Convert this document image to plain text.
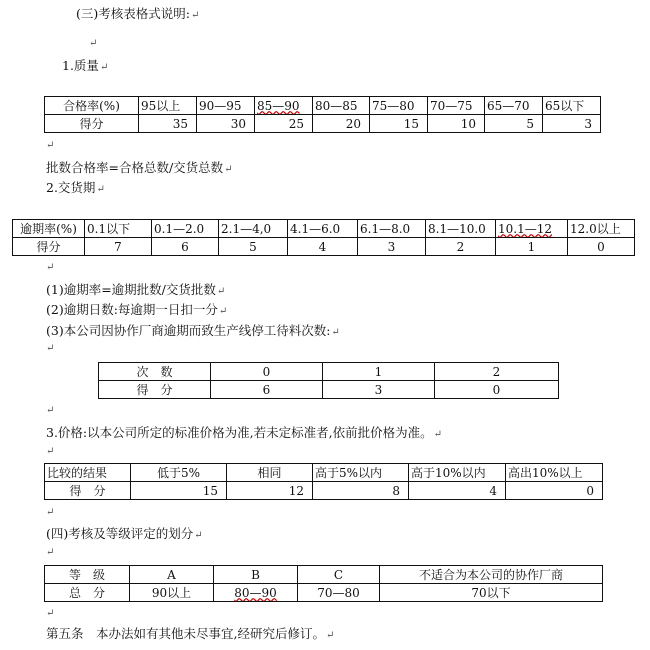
(三)考核表格式说明:↵
↵
1.质量↵
合格率(%)	95以上	90—95	85—90	80—85	75—80	70—75	65—70	65以下
得分	35	30	25	20	15	10	5	3
↵
批数合格率=合格总数/交货总数↵
2.交货期↵
逾期率(%)	0.1以下	0.1—2.0	2.1—4,0	4.1—6.0	6.1—8.0	8.1—10.0	10.1—12	12.0以上
得分	7	6	5	4	3	2	1	0
↵
(1)逾期率=逾期批数/交货批数↵
(2)逾期日数:每逾期一日扣一分↵
(3)本公司因协作厂商逾期而致生产线停工待料次数:↵
↵
次　数	0	1	2
得　分	6	3	0
↵
3.价格:以本公司所定的标准价格为准,若未定标准者,依前批价格为准。↵
↵
比较的结果	低于5%	相同	高于5%以内	高于10%以内	高出10%以上
得　分	15	12	8	4	0
↵
(四)考核及等级评定的划分↵
↵
等　级	A	B	C	不适合为本公司的协作厂商
总　分	90以上	80—90	70—80	70以下
↵
第五条　本办法如有其他未尽事宜,经研究后修订。↵
